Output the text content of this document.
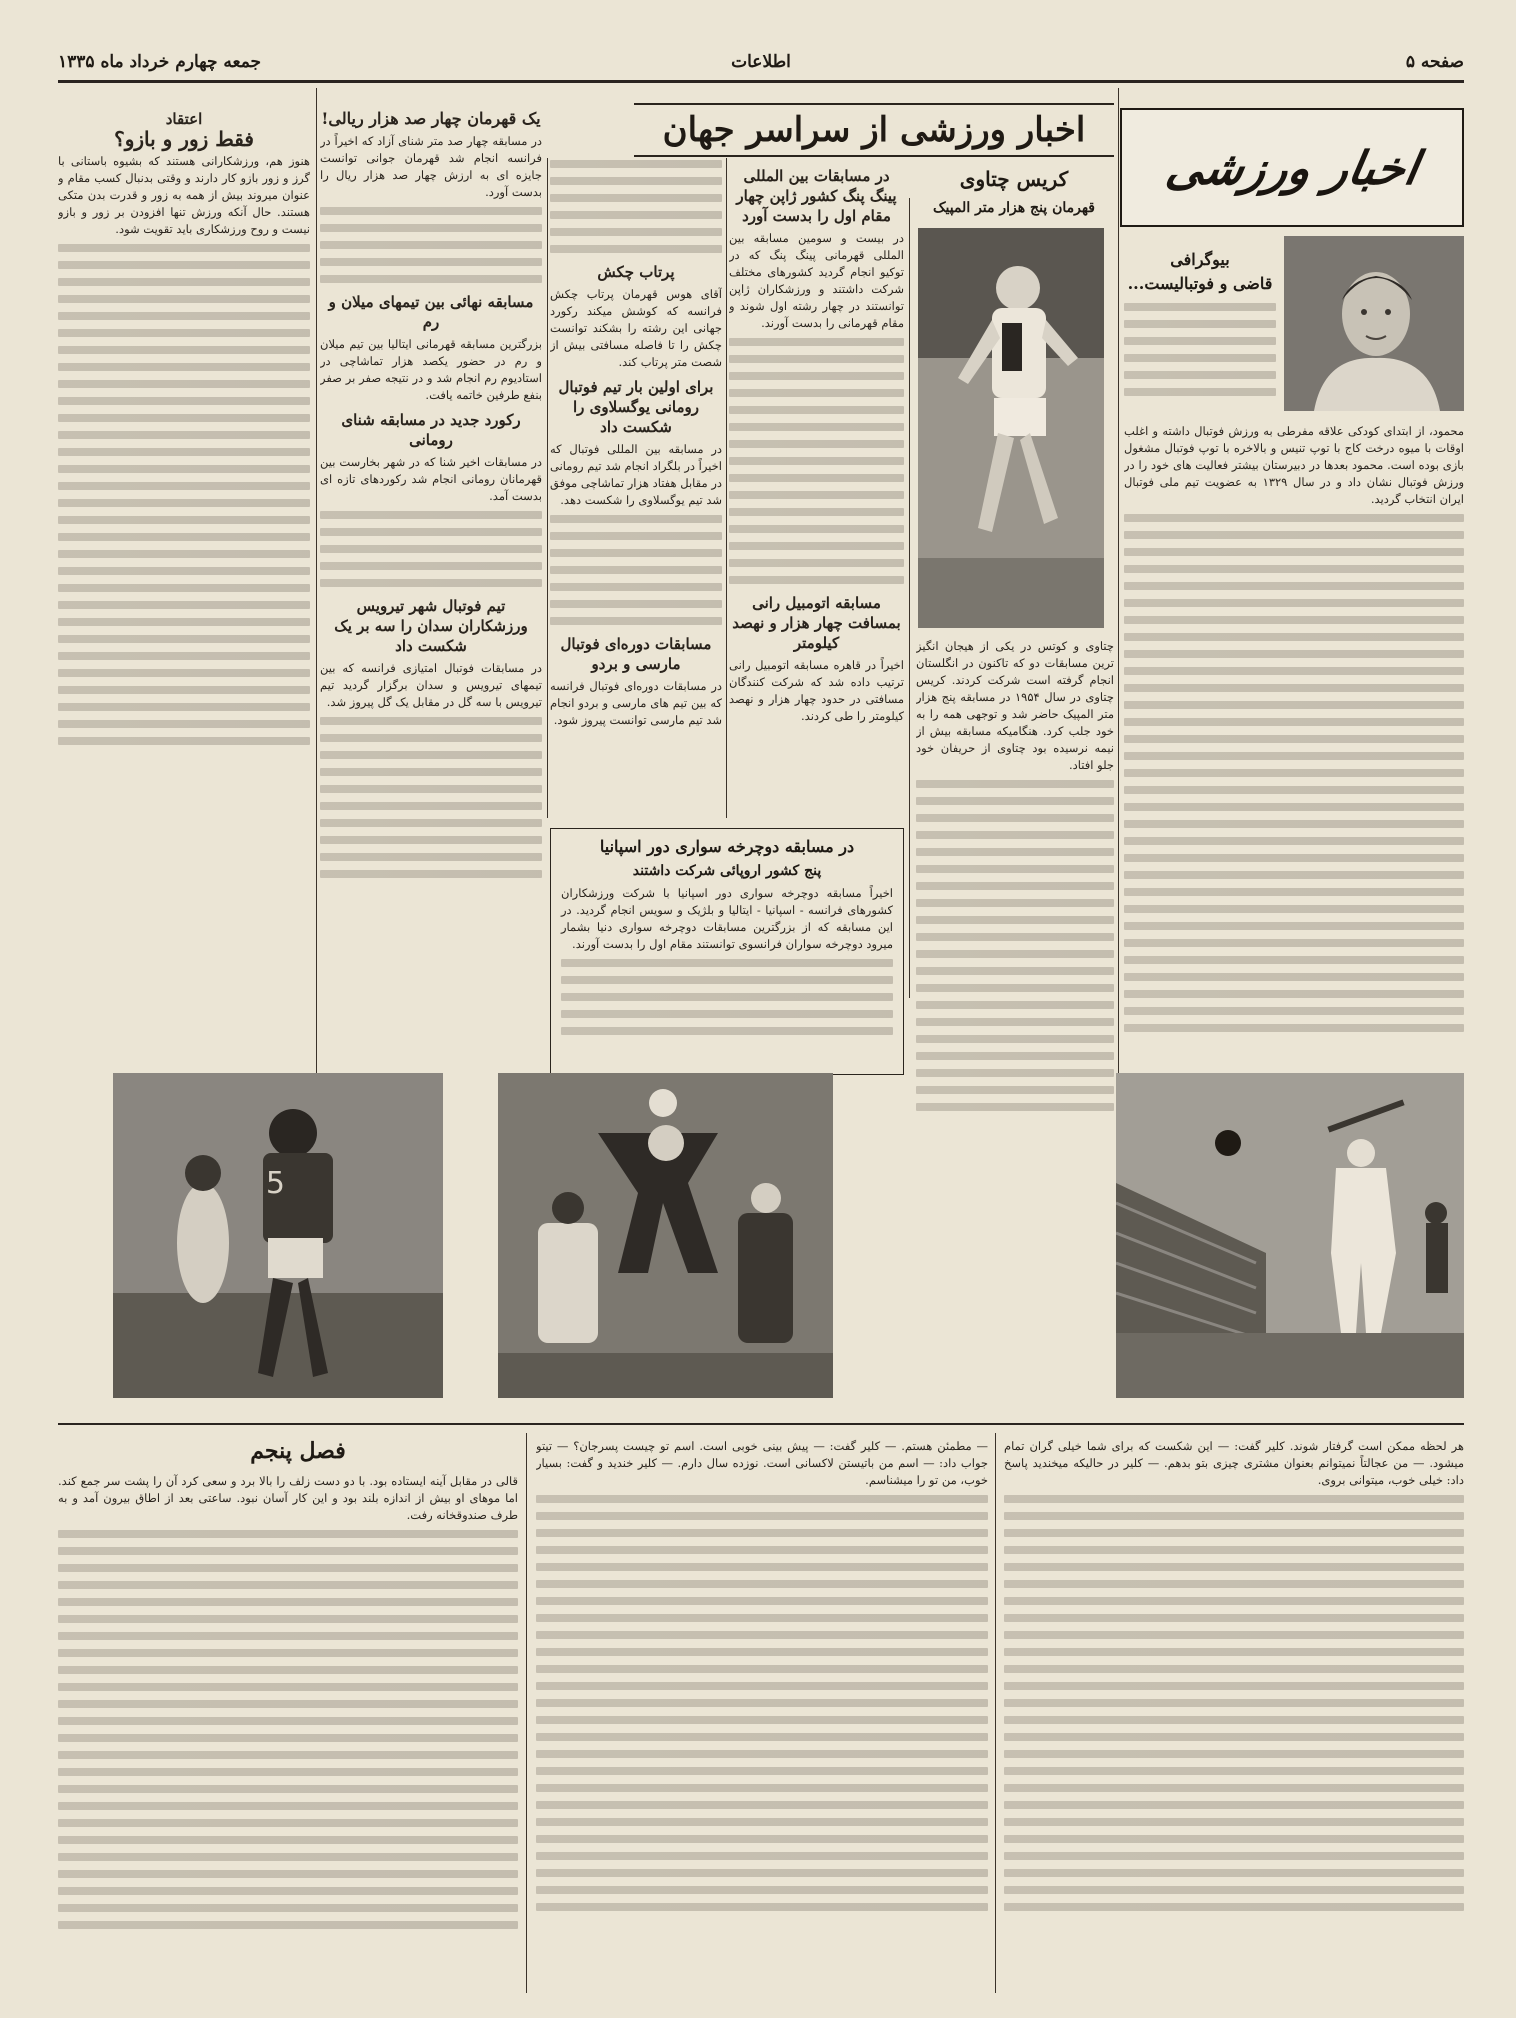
صفحه ۵
اطلاعات
جمعه چهارم خرداد ماه ۱۳۳۵
اخبار ورزشی
بیوگرافی
قاضی و فوتبالیست...

محمود، از ابتدای کودکی علاقه مفرطی به ورزش فوتبال داشته و اغلب اوقات با میوه درخت کاج با توپ تنیس و بالاخره با توپ فوتبال مشغول بازی بوده است. محمود بعدها در دبیرستان بیشتر فعالیت های خود را در ورزش فوتبال نشان داد و در سال ۱۳۲۹ به عضویت تیم ملی فوتبال ایران انتخاب گردید.

اخبار ورزشی از سراسر جهان
کریس چتاوی
قهرمان پنج هزار متر المپیک

چتاوی و کوتس در یکی از هیجان انگیز ترین مسابقات دو که تاکنون در انگلستان انجام گرفته است شرکت کردند. کریس چتاوی در سال ۱۹۵۴ در مسابقه پنج هزار متر المپیک حاضر شد و توجهی همه را به خود جلب کرد. هنگامیکه مسابقه بیش از نیمه نرسیده بود چتاوی از حریفان خود جلو افتاد.

در مسابقات بین المللی پینگ پنگ کشور ژاپن چهار مقام اول را بدست آورد

در بیست و سومین مسابقه بین المللی قهرمانی پینگ پنگ که در توکیو انجام گردید کشورهای مختلف شرکت داشتند و ورزشکاران ژاپن توانستند در چهار رشته اول شوند و مقام قهرمانی را بدست آورند.

مسابقه اتومبیل رانی بمسافت چهار هزار و نهصد کیلومتر

اخیراً در قاهره مسابقه اتومبیل رانی ترتیب داده شد که شرکت کنندگان مسافتی در حدود چهار هزار و نهصد کیلومتر را طی کردند.

پرتاب چکش

آقای هوس قهرمان پرتاب چکش فرانسه که کوشش میکند رکورد جهانی این رشته را بشکند توانست چکش را تا فاصله مسافتی بیش از شصت متر پرتاب کند.

برای اولین بار تیم فوتبال رومانی یوگسلاوی را شکست داد

در مسابقه بین المللی فوتبال که اخیراً در بلگراد انجام شد تیم رومانی در مقابل هفتاد هزار تماشاچی موفق شد تیم یوگسلاوی را شکست دهد.

مسابقات دوره‌ای فوتبال مارسی و بردو

در مسابقات دوره‌ای فوتبال فرانسه که بین تیم های مارسی و بردو انجام شد تیم مارسی توانست پیروز شود.

یک قهرمان چهار صد هزار ریالی!

در مسابقه چهار صد متر شنای آزاد که اخیراً در فرانسه انجام شد قهرمان جوانی توانست جایزه ای به ارزش چهار صد هزار ریال را بدست آورد.

مسابقه نهائی بین تیمهای میلان و رم

بزرگترین مسابقه قهرمانی ایتالیا بین تیم میلان و رم در حضور یکصد هزار تماشاچی در استادیوم رم انجام شد و در نتیجه صفر بر صفر بنفع طرفین خاتمه یافت.

رکورد جدید در مسابقه شنای رومانی

در مسابقات اخیر شنا که در شهر بخارست بین قهرمانان رومانی انجام شد رکوردهای تازه ای بدست آمد.

تیم فوتبال شهر تیرویس ورزشکاران سدان را سه بر یک شکست داد

در مسابقات فوتبال امتیازی فرانسه که بین تیمهای تیرویس و سدان برگزار گردید تیم تیرویس با سه گل در مقابل یک گل پیروز شد.

اعتقاد
فقط زور و بازو؟

هنوز هم، ورزشکارانی هستند که بشیوه باستانی با گرز و زور بازو کار دارند و وقتی بدنبال کسب مقام و عنوان میروند بیش از همه به زور و قدرت بدن متکی هستند. حال آنکه ورزش تنها افزودن بر زور و بازو نیست و روح ورزشکاری باید تقویت شود.

در مسابقه دوچرخه سواری دور اسپانیا
پنج کشور اروپائی شرکت داشتند

اخیراً مسابقه دوچرخه سواری دور اسپانیا با شرکت ورزشکاران کشورهای فرانسه - اسپانیا - ایتالیا و بلژیک و سویس انجام گردید. در این مسابقه که از بزرگترین مسابقات دوچرخه سواری دنیا بشمار میرود دوچرخه سواران فرانسوی توانستند مقام اول را بدست آورند.

5
فصل پنجم

قالی در مقابل آینه ایستاده بود. با دو دست زلف را بالا برد و سعی کرد آن را پشت سر جمع کند. اما موهای او بیش از اندازه بلند بود و این کار آسان نبود. ساعتی بعد از اطاق بیرون آمد و به طرف صندوقخانه رفت.

— مطمئن هستم. — کلیر گفت: — پیش بینی خوبی است. اسم تو چیست پسرجان؟ — تیتو جواب داد: — اسم من باتیستن لاکسانی است. نوزده سال دارم. — کلیر خندید و گفت: بسیار خوب، من تو را میشناسم.

هر لحظه ممکن است گرفتار شوند. کلیر گفت: — این شکست که برای شما خیلی گران تمام میشود. — من عجالتاً نمیتوانم بعنوان مشتری چیزی بتو بدهم. — کلیر در حالیکه میخندید پاسخ داد: خیلی خوب، میتوانی بروی.
